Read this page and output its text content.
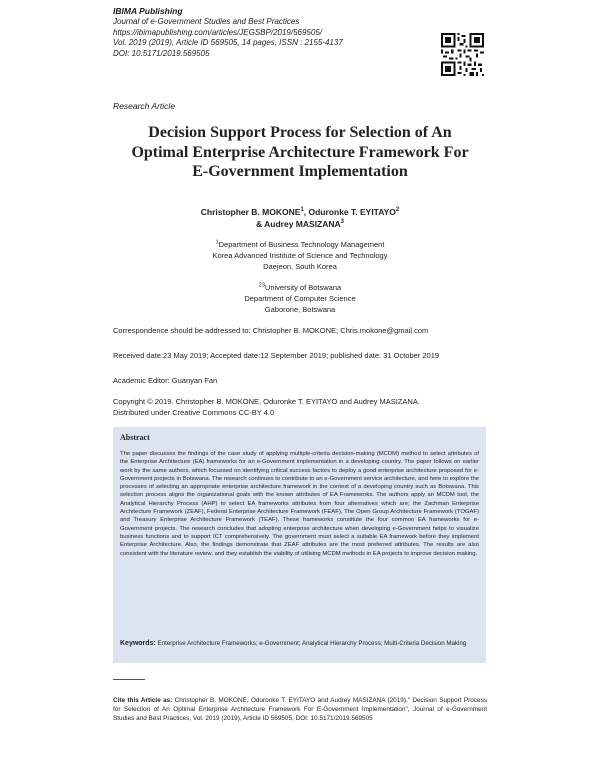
IBIMA Publishing
Journal of e-Government Studies and Best Practices
https://ibimapublishing.com/articles/JEGSBP/2019/569505/
Vol. 2019 (2019), Article ID 569505, 14 pages, ISSN : 2155-4137
DOI: 10.5171/2019.569505
Research Article
Decision Support Process for Selection of An
Optimal Enterprise Architecture Framework For
E-Government Implementation
Christopher B. MOKONE$^1$, Oduronke T. EYITAYO$^2$
& Audrey MASIZANA$^3$
$^1$Department of Business Technology Management
Korea Advanced Institute of Science and Technology
Daejeon, South Korea
$^{23}$University of Botswana
Department of Computer Science
Gaborone, Botswana
Correspondence should be addressed to: Christopher B. MOKONE; Chris.mokone@gmail.com
Received date:23 May 2019; Accepted date:12 September 2019; published date: 31 October 2019
Academic Editor: Guanyan Fan
Copyright © 2019. Christopher B. MOKONE, Oduronke T. EYITAYO and Audrey MASIZANA.
Distributed under Creative Commons CC-BY 4.0
Abstract
The paper discusses the findings of the case study of applying multiple-criteria decision-making (MCDM) method to select attributes of the Enterprise Architecture (EA) frameworks for an e-Government implementation in a developing country. The paper follows on earlier work by the same authors, which focussed on identifying critical success factors to deploy a good enterprise architecture proposed for e-Government projects in Botswana. The research continues to contribute to an e-Government service architecture, and here to explore the processes of selecting an appropriate enterprise architecture framework in the context of a developing country such as Botswana. This selection process aligns the organizational goals with the known attributes of EA Frameworks. The authors apply an MCDM tool, the Analytical Hierarchy Process (AHP) to select EA frameworks attributes from four alternatives which are; the Zachman Enterprise Architecture Framework (ZEAF), Federal Enterprise Architecture Framework (FEAF), The Open Group Architecture Framework (TOGAF) and Treasury Enterprise Architecture Framework (TEAF). These frameworks constitute the four common EA frameworks for e-Government projects. The research concludes that adopting enterprise architecture when developing e-Government helps to visualize business functions and to support ICT comprehensively. The government must select a suitable EA framework before they implement Enterprise Architecture. Also, the findings demonstrate that ZEAF attributes are the most preferred attributes. The results are also consistent with the literature review, and they establish the viability of utilising MCDM methods in EA projects to improve decision making.
Keywords: Enterprise Architecture Frameworks; e-Government; Analytical Hierarchy Process; Multi-Criteria Decision Making
Cite this Article as: Christopher B. MOKONE, Oduronke T. EYITAYO and Audrey MASIZANA (2019)," Decision Support Process for Selection of An Optimal Enterprise Architecture Framework For E-Government Implementation", Journal of e-Government Studies and Best Practices, Vol. 2019 (2019), Article ID 569505, DOI: 10.5171/2019.569505
